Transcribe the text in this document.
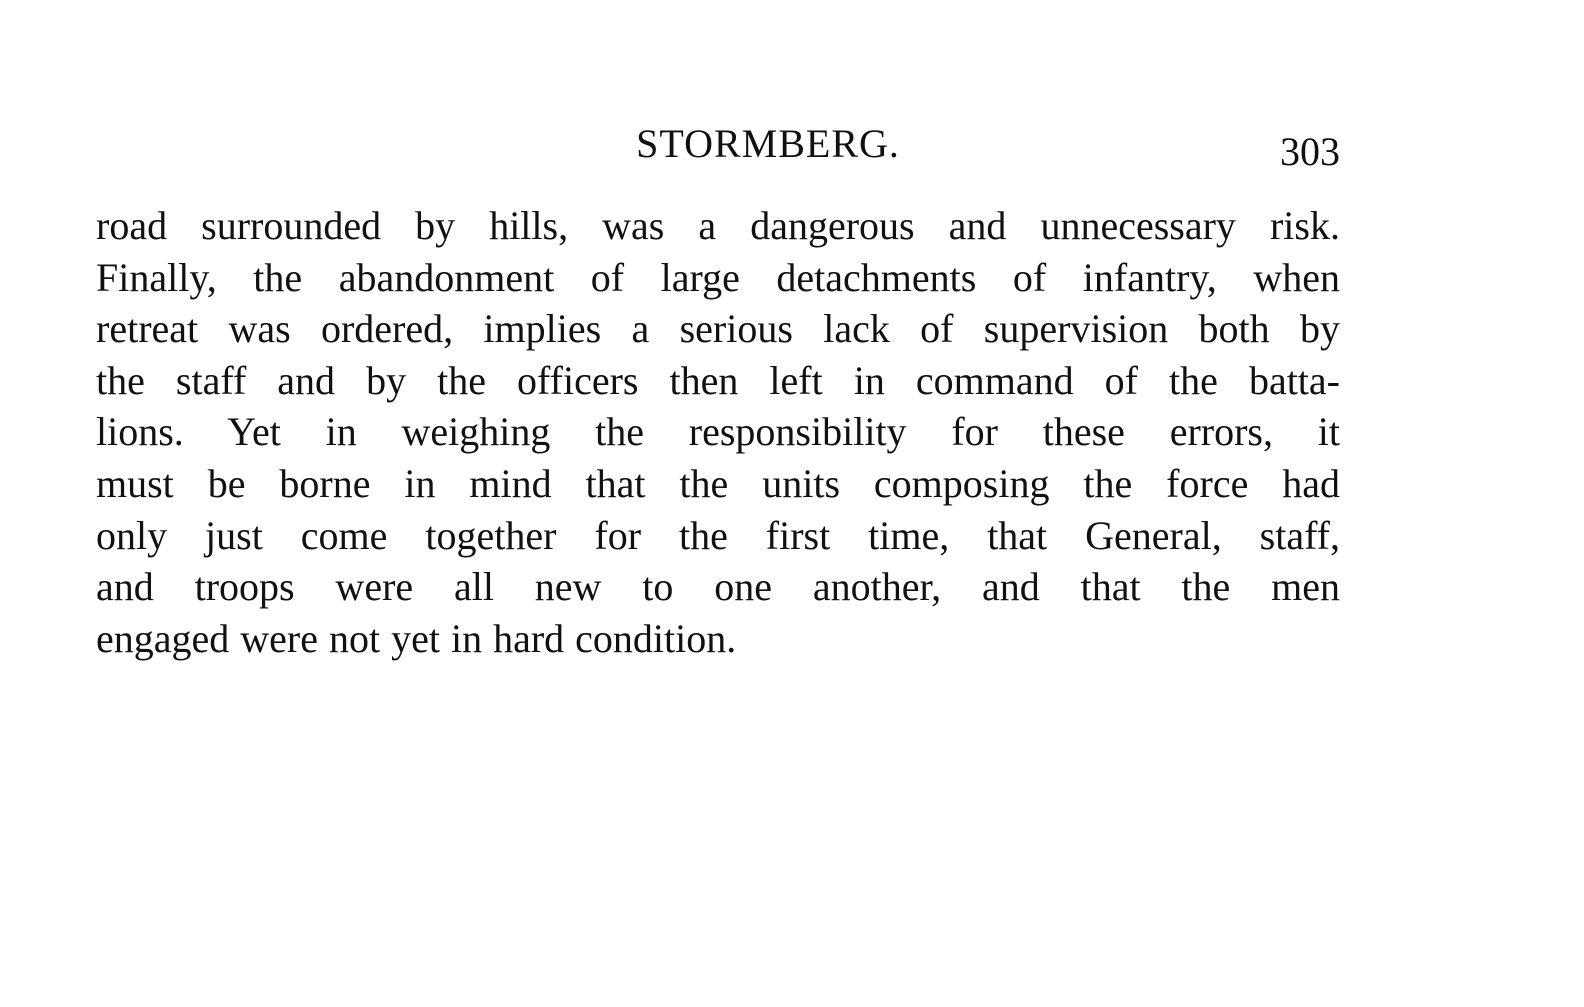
STORMBERG.	303

road surrounded by hills, was a dangerous and unnecessary risk.
Finally, the abandonment of large detachments of infantry, when
retreat was ordered, implies a serious lack of supervision both by
the staff and by the officers then left in command of the batta-
lions. Yet in weighing the responsibility for these errors, it
must be borne in mind that the units composing the force had
only just come together for the first time, that General, staff,
and troops were all new to one another, and that the men
engaged were not yet in hard condition.
